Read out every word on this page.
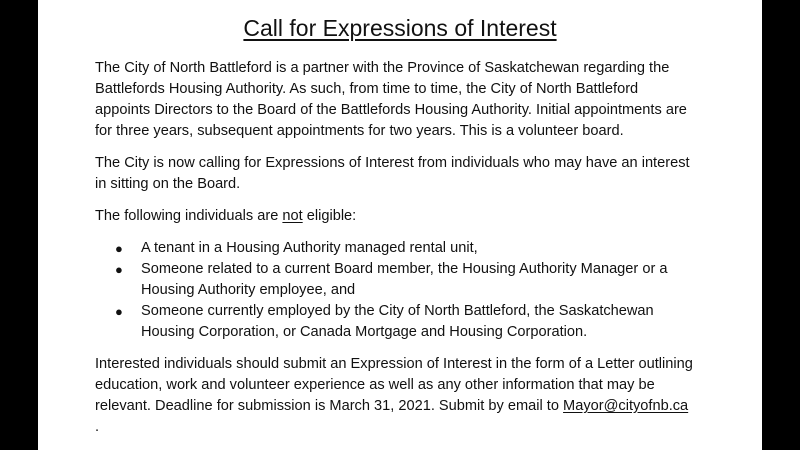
Call for Expressions of Interest

The City of North Battleford is a partner with the Province of Saskatchewan regarding the Battlefords Housing Authority. As such, from time to time, the City of North Battleford appoints Directors to the Board of the Battlefords Housing Authority. Initial appointments are for three years, subsequent appointments for two years. This is a volunteer board.

The City is now calling for Expressions of Interest from individuals who may have an interest in sitting on the Board.

The following individuals are not eligible:

● A tenant in a Housing Authority managed rental unit,
● Someone related to a current Board member, the Housing Authority Manager or a Housing Authority employee, and
● Someone currently employed by the City of North Battleford, the Saskatchewan Housing Corporation, or Canada Mortgage and Housing Corporation.

Interested individuals should submit an Expression of Interest in the form of a Letter outlining education, work and volunteer experience as well as any other information that may be relevant. Deadline for submission is March 31, 2021. Submit by email to Mayor@cityofnb.ca .
